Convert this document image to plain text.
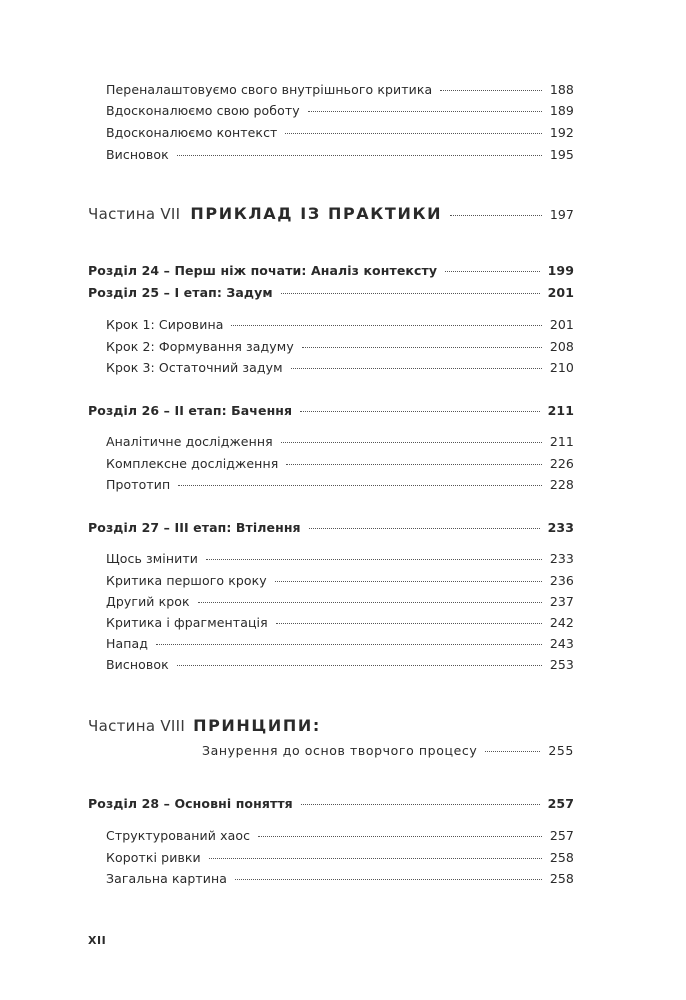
Переналаштовуємо свого внутрішнього критика	188
Вдосконалюємо свою роботу	189
Вдосконалюємо контекст	192
Висновок	195
Частина VII ПРИКЛАД ІЗ ПРАКТИКИ	197
Розділ 24 – Перш ніж почати: Аналіз контексту	199
Розділ 25 – I етап: Задум	201
Крок 1: Сировина	201
Крок 2: Формування задуму	208
Крок 3: Остаточний задум	210
Розділ 26 – II етап: Бачення	211
Аналітичне дослідження	211
Комплексне дослідження	226
Прототип	228
Розділ 27 – III етап: Втілення	233
Щось змінити	233
Критика першого кроку	236
Другий крок	237
Критика і фрагментація	242
Напад	243
Висновок	253
Частина VIII ПРИНЦИПИ:
Занурення до основ творчого процесу	255
Розділ 28 – Основні поняття	257
Структурований хаос	257
Короткі ривки	258
Загальна картина	258
XII
